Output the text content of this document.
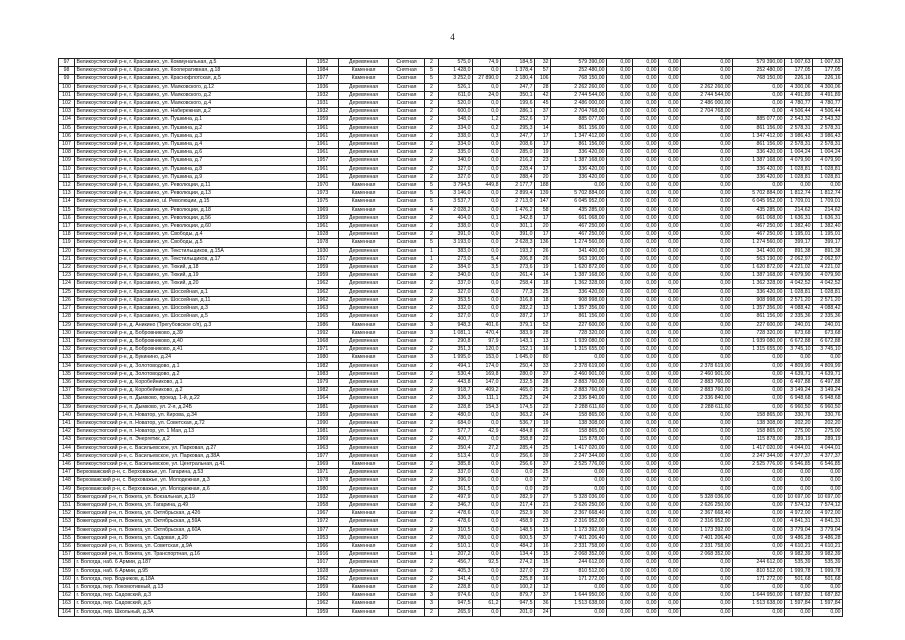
4
97	Великоустюгский р-н, г. Красавино, ул. Коммунальная, д.5	1952	Деревянная	Снятная	2	575,0	74,9	184,5	32	579 390,00	0,00	0,00	0,00	0,00	579 390,00	1 007,63	1 007,63
98	Великоустюгский р-н, г. Красавино, ул. Кооперативная, д.18	1984	Каменная	Снятная	5	1 428,0	0,0	1 378,4	57	252 480,00	0,00	0,00	0,00	0,00	252 480,00	177,05	177,05
99	Великоустюгский р-н, г. Красавино, ул. Краснофлотская, д.5	1977	Каменная	Скатная	5	3 252,0	27 890,0	2 180,4	106	768 150,00	0,00	0,00	0,00	0,00	768 150,00	226,16	226,16
100	Великоустюгский р-н, г. Красавино, ул. Маяковского, д.12	1936	Деревянная	Скатная	2	526,1	0,0	247,7	28	2 262 260,00	0,00	0,00	0,00	2 262 260,00	0,00	4 300,06	4 300,06
101	Великоустюгский р-н, г. Красавино, ул. Маяковского, д.2	1932	Деревянная	Скатная	2	611,0	24,0	350,1	42	2 744 544,00	0,00	0,00	0,00	2 744 544,00	0,00	4 491,89	4 491,89
102	Великоустюгский р-н, г. Красавино, ул. Маяковского, д.4	1931	Деревянная	Скатная	2	520,0	0,0	199,6	45	2 486 000,00	0,00	0,00	0,00	2 486 000,00	0,00	4 780,77	4 780,77
103	Великоустюгский р-н, г. Красавино, ул. Набережная, д.2	1932	Деревянная	Скатная	2	600,0	0,0	286,1	37	2 704 768,00	0,00	0,00	0,00	2 704 768,00	0,00	4 506,44	4 506,44
104	Великоустюгский р-н, г. Красавино, ул. Пушкина, д.1	1959	Деревянная	Скатная	2	348,0	1,2	252,6	17	885 077,00	0,00	0,00	0,00	0,00	885 077,00	2 543,32	2 543,32
105	Великоустюгский р-н, г. Красавино, ул. Пушкина, д.2	1961	Деревянная	Скатная	2	334,0	0,2	295,3	14	861 156,00	0,00	0,00	0,00	0,00	861 156,00	2 578,31	2 578,31
106	Великоустюгский р-н, г. Красавино, ул. Пушкина, д.3	1961	Деревянная	Скатная	2	338,0	0,3	247,7	17	1 347 412,00	0,00	0,00	0,00	0,00	1 347 412,00	3 986,43	3 986,43
107	Великоустюгский р-н, г. Красавино, ул. Пушкина, д.4	1961	Деревянная	Скатная	2	334,0	0,0	208,6	17	861 156,00	0,00	0,00	0,00	0,00	861 156,00	2 578,31	2 578,31
108	Великоустюгский р-н, г. Красавино, ул. Пушкина, д.6	1961	Деревянная	Скатная	2	335,0	0,0	285,0	19	336 420,00	0,00	0,00	0,00	0,00	336 420,00	1 004,24	1 004,24
109	Великоустюгский р-н, г. Красавино, ул. Пушкина, д.7	1957	Деревянная	Скатная	2	340,0	0,0	216,2	23	1 387 168,00	0,00	0,00	0,00	0,00	1 387 168,00	4 079,90	4 079,90
110	Великоустюгский р-н, г. Красавино, ул. Пушкина, д.8	1961	Деревянная	Скатная	2	327,0	0,0	228,4	17	336 420,00	0,00	0,00	0,00	0,00	336 420,00	1 028,81	1 028,81
111	Великоустюгский р-н, г. Красавино, ул. Пушкина, д.9	1961	Деревянная	Скатная	2	327,0	0,0	288,4	20	336 420,00	0,00	0,00	0,00	0,00	336 420,00	1 028,81	1 028,81
112	Великоустюгский р-н, г. Красавино, ул. Революции, д.11	1970	Каменная	Скатная	5	3 794,5	449,8	2 177,7	188	0,00	0,00	0,00	0,00	0,00	0,00	0,00	0,00
113	Великоустюгский р-н, г. Красавино, ул. Революции, д.13	1973	Каменная	Скатная	5	3 146,0	0,0	2 899,4	139	5 702 884,00	0,00	0,00	0,00	0,00	5 702 884,00	1 812,74	1 812,74
114	Великоустюгский р-н, г. Красавино, ul. Революции, д.15	1975	Каменная	Скатная	5	3 537,7	0,0	2 713,0	147	6 045 952,00	0,00	0,00	0,00	0,00	6 045 952,00	1 709,01	1 709,01
115	Великоустюгский р-н, г. Красавино, ул. Революции, д.18	1969	Каменная	Скатная	4	2 028,2	0,0	1 476,2	58	435 285,00	0,00	0,00	0,00	0,00	435 285,00	214,62	214,62
116	Великоустюгский р-н, г. Красавино, ул. Революции, д.56	1959	Деревянная	Скатная	2	404,0	0,1	342,8	17	661 068,00	0,00	0,00	0,00	0,00	661 068,00	1 636,31	1 636,31
117	Великоустюгский р-н, г. Красавино, ул. Революции, д.60	1961	Деревянная	Скатная	2	338,0	0,0	301,1	20	467 250,00	0,00	0,00	0,00	0,00	467 250,00	1 382,40	1 382,40
118	Великоустюгский р-н, г. Красавино, ул. Свободы, д.4	1928	Деревянная	Скатная	2	391,0	0,0	391,0	17	467 250,00	0,00	0,00	0,00	0,00	467 250,00	1 195,01	1 195,01
119	Великоустюгский р-н, г. Красавино, ул. Свободы, д.5	1978	Каменная	Скатная	5	3 193,0	0,0	2 628,3	136	1 274 560,00	0,00	0,00	0,00	0,00	1 274 560,00	399,17	399,17
120	Великоустюгский р-н, г. Красавино, ул. Текстильщиков, д.15А	1930	Деревянная	Скатная	1	383,0	0,0	193,2	26	341 400,00	0,00	0,00	0,00	0,00	341 400,00	891,38	891,38
121	Великоустюгский р-н, г. Красавино, ул. Текстильщиков, д.17	1917	Деревянная	Скатная	1	273,0	5,4	206,8	26	563 190,00	0,00	0,00	0,00	0,00	563 190,00	2 062,97	2 062,97
122	Великоустюгский р-н, г. Красавино, ул. Тюкий, д.18	1959	Деревянная	Скатная	2	384,0	3,5	273,6	19	1 620 872,00	0,00	0,00	0,00	0,00	1 620 872,00	4 221,02	4 221,02
123	Великоустюгский р-н, г. Красавино, ул. Тюкий, д.19	1959	Деревянная	Скатная	2	340,0	0,0	261,4	14	1 387 168,00	0,00	0,00	0,00	0,00	1 387 168,00	4 079,90	4 079,90
124	Великоустюгский р-н, г. Красавино, ул. Тюкий, д.20	1962	Деревянная	Скатная	2	337,0	0,0	258,4	18	1 362 328,00	0,00	0,00	0,00	0,00	1 362 328,00	4 042,52	4 042,52
125	Великоустюгский р-н, г. Красавино, ул. Шоссейная, д.1	1962	Деревянная	Скатная	2	327,0	0,0	77,3	25	336 420,00	0,00	0,00	0,00	0,00	336 420,00	1 028,81	1 028,81
126	Великоустюгский р-н, г. Красавино, ул. Шоссейная, д.11	1962	Деревянная	Скатная	2	353,5	0,0	316,8	18	908 998,00	0,00	0,00	0,00	0,00	908 998,00	2 571,20	2 571,20
127	Великоустюгский р-н, г. Красавино, ул. Шоссейная, д.3	1963	Деревянная	Скатная	2	332,0	0,0	282,2	13	1 357 356,00	0,00	0,00	0,00	0,00	1 357 356,00	4 088,42	4 088,42
128	Великоустюгский р-н, г. Красавино, ул. Шоссейная, д.5	1965	Деревянная	Скатная	2	327,0	0,0	287,2	17	861 156,00	0,00	0,00	0,00	0,00	861 156,00	2 335,36	2 335,36
129	Великоустюгский р-н, д. Аникино (Трегубовское с/п), д.3	1986	Каменная	Скатная	3	948,3	401,6	379,1	52	227 600,00	0,00	0,00	0,00	0,00	227 600,00	240,01	240,01
130	Великоустюгский р-н, д. Бобровниково, д.39	1992	Каменная	Скатная	3	1 081,1	470,4	383,9	28	728 320,00	0,00	0,00	0,00	0,00	728 320,00	673,68	673,68
131	Великоустюгский р-н, д. Бобровниково, д.40	1968	Деревянная	Скатная	2	290,8	97,9	143,1	13	1 939 080,00	0,00	0,00	0,00	0,00	1 939 080,00	6 672,88	6 672,88
132	Великоустюгский р-н, д. Бобровниково, д.41	1971	Деревянная	Скатная	2	351,3	120,0	152,1	16	1 315 655,00	0,00	0,00	0,00	0,00	1 315 655,00	3 745,10	3 745,10
133	Великоустюгский р-н, д. Букинино, д.24	1980	Каменная	Скатная	3	1 995,0	153,0	1 645,0	80	0,00	0,00	0,00	0,00	0,00	0,00	0,00	0,00
134	Великоустюгский р-н, д. Золотоводово, д.1	1982	Деревянная	Скатная	2	494,1	174,0	250,4	33	2 378 619,00	0,00	0,00	0,00	2 378 619,00	0,00	4 809,99	4 809,99
135	Великоустюгский р-н, д. Золотоводово, д.2	1983	Деревянная	Скатная	2	530,4	169,8	280,0	37	2 460 901,00	0,00	0,00	0,00	2 460 901,00	0,00	4 639,71	4 639,71
136	Великоустюгский р-н, д. Коробейниково, д.1	1979	Деревянная	Скатная	2	443,8	147,0	232,5	28	2 883 760,00	0,00	0,00	0,00	2 883 760,00	0,00	6 497,88	6 497,88
137	Великоустюгский р-н, д. Коробейниково, д.2	1982	Деревянная	Скатная	2	918,7	409,2	465,0	25	2 883 760,00	0,00	0,00	0,00	2 883 760,00	0,00	3 149,24	3 149,24
138	Великоустюгский р-н, п. Дымково, проезд. 1-й, д.22	1964	Деревянная	Скатная	2	336,3	111,1	225,2	24	2 336 840,00	0,00	0,00	0,00	2 336 840,00	0,00	6 948,68	6 948,68
139	Великоустюгский р-н, п. Дымково, ул. 2-я, д.24Б	1981	Деревянная	Скатная	2	328,8	154,3	174,5	22	2 288 611,60	0,00	0,00	0,00	2 288 611,60	0,00	6 960,50	6 960,50
140	Великоустюгский р-н, п. Новатор, ул. Кирова, д.34	1959	Деревянная	Скатная	2	480,0	0,0	363,2	24	158 865,00	0,00	0,00	0,00	0,00	158 865,00	330,76	330,76
141	Великоустюгский р-н, п. Новатор, ул. Советская, д.72	1990	Деревянная	Скатная	2	684,0	0,0	536,7	19	138 308,00	0,00	0,00	0,00	0,00	138 308,00	202,20	202,20
142	Великоустюгский р-н, п. Новатор, ул. 1 Мая, д.13	1981	Деревянная	Скатная	2	577,7	42,9	484,8	26	158 865,00	0,00	0,00	0,00	0,00	158 865,00	275,00	275,00
143	Великоустюгский р-н, п. Энергетик, д.2	1969	Деревянная	Скатная	2	400,7	0,0	358,8	22	115 878,00	0,00	0,00	0,00	0,00	115 878,00	289,19	289,19
144	Великоустюгский р-н, с. Васильевское, ул. Парковая, д.27	1963	Деревянная	Скатная	2	350,4	27,2	285,4	25	1 417 020,00	0,00	0,00	0,00	0,00	1 417 020,00	4 044,01	4 044,01
145	Великоустюгский р-н, с. Васильевское, ул. Парковая, д.38А	1977	Деревянная	Скатная	2	513,4	0,0	256,6	39	2 247 344,00	0,00	0,00	0,00	0,00	2 247 344,00	4 377,37	4 377,37
146	Великоустюгский р-н, с. Васильевское, ул. Центральная, д.41	1969	Каменная	Скатная	2	385,8	0,0	256,6	37	2 525 776,00	0,00	0,00	0,00	0,00	2 525 776,00	6 546,85	6 546,85
147	Верховажский р-н, с. Верховажье, ул. Гагарина, д.53	1971	Деревянная	Скатная	2	337,0	0,0	0,0	25	0,00	0,00	0,00	0,00	0,00	0,00	0,00	0,00
148	Верховажский р-н, с. Верховажье, ул. Молодежная, д.3	1978	Деревянная	Скатная	2	396,0	0,0	0,0	37	0,00	0,00	0,00	0,00	0,00	0,00	0,00	0,00
149	Верховажский р-н, с. Верховажье, ул. Молодежная, д.6	1980	Деревянная	Скатная	2	361,5	0,0	0,0	29	0,00	0,00	0,00	0,00	0,00	0,00	0,00	0,00
150	Вожегодский р-н, п. Вожега, ул. Вокзальная, д.19	1932	Деревянная	Скатная	2	497,9	0,0	282,9	27	5 328 036,00	0,00	0,00	0,00	5 328 036,00	0,00	10 697,00	10 697,00
151	Вожегодский р-н, п. Вожега, ул. Гагарина, д.49	1958	Деревянная	Скатная	2	346,7	0,0	217,4	21	2 626 250,00	0,00	0,00	0,00	2 626 250,00	0,00	7 574,12	7 574,12
152	Вожегодский р-н, п. Вожега, ул. Октябрьская, д.42б	1967	Каменная	Скатная	2	478,6	0,0	252,9	30	2 367 668,40	0,00	0,00	0,00	2 367 668,40	0,00	4 972,00	4 972,00
153	Вожегодский р-н, п. Вожега, ул. Октябрьская, д.59А	1972	Деревянная	Скатная	2	478,6	0,0	458,9	23	2 316 952,00	0,00	0,00	0,00	2 316 952,00	0,00	4 841,31	4 841,31
154	Вожегодский р-н, п. Вожега, ул. Октябрьская, д.60А	1977	Деревянная	Скатная	2	310,5	0,0	148,5	15	1 173 392,00	0,00	0,00	0,00	1 173 392,00	0,00	3 779,04	3 779,04
155	Вожегодский р-н, п. Вожега, ул. Садовая, д.20	1953	Деревянная	Скатная	2	780,0	0,0	600,5	37	7 401 206,40	0,00	0,00	0,00	7 401 206,40	0,00	9 486,28	9 486,28
156	Вожегодский р-н, п. Вожега, ул. Советская, д.9А	1966	Каменная	Скатная	2	510,1	0,0	484,2	16	2 331 758,00	0,00	0,00	0,00	2 331 758,00	0,00	4 610,21	4 610,21
157	Вожегодский р-н, п. Вожега, ул. Транспортная, д.16	1916	Деревянная	Скатная	1	207,2	0,0	134,4	15	2 068 352,00	0,00	0,00	0,00	2 068 352,00	0,00	9 982,39	9 982,39
158	г. Вологда, наб. 6 Армии, д.187	1917	Деревянная	Скатная	2	456,7	92,5	274,2	15	244 612,00	0,00	0,00	0,00	0,00	244 612,00	535,39	535,39
159	г. Вологда, наб. 6 Армии, д.95	1928	Деревянная	Скатная	2	405,3	0,0	327,0	23	810 512,00	0,00	0,00	0,00	0,00	810 512,00	1 999,78	1 999,78
160	г. Вологда, пер. Водников, д.18А	1962	Деревянная	Скатная	2	341,4	0,0	225,8	16	171 272,00	0,00	0,00	0,00	0,00	171 272,00	501,68	501,68
161	г. Вологда, пер. Локомотивный, д.13	1959	Каменная	Скатная	2	228,8	0,0	100,2	12	0,00	0,00	0,00	0,00	0,00	0,00	0,00	0,00
162	г. Вологда, пер. Садовский, д.3	1960	Каменная	Скатная	3	974,6	0,0	879,7	37	1 644 950,00	0,00	0,00	0,00	0,00	1 644 950,00	1 687,82	1 687,82
163	г. Вологда, пер. Садовский, д.5	1962	Каменная	Скатная	3	947,5	61,2	947,5	36	1 513 638,00	0,00	0,00	0,00	0,00	1 513 638,00	1 597,84	1 597,84
164	г. Вологда, пер. Школьный, д.3А	1959	Каменная	Скатная	2	265,9	0,0	201,0	24	0,00	0,00	0,00	0,00	0,00	0,00	0,00	0,00
